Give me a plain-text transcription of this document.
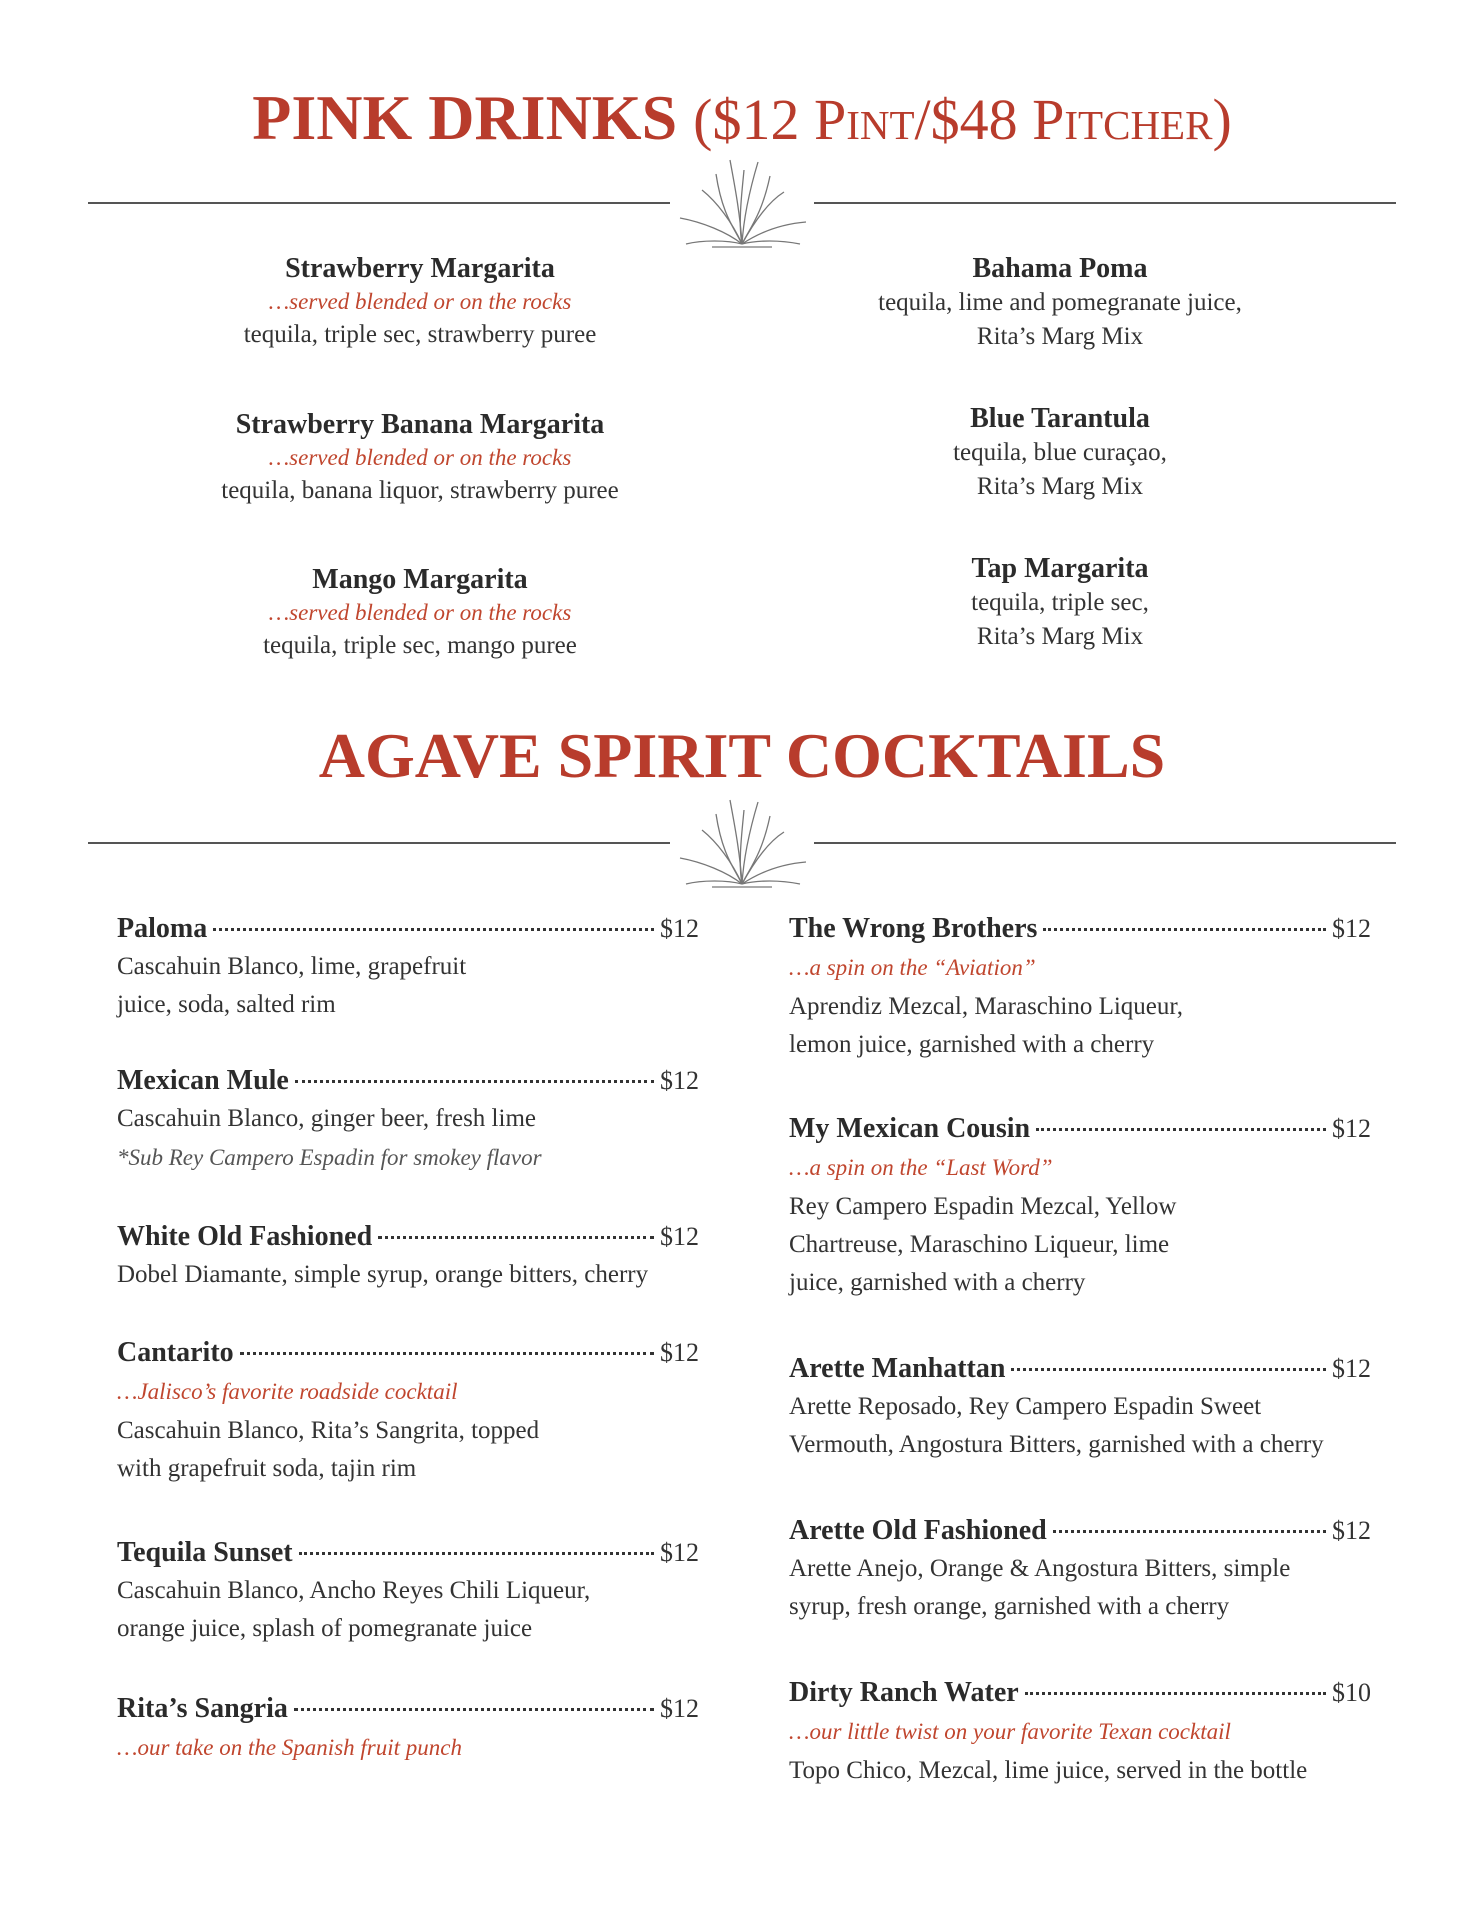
PINK DRINKS ($12 Pint/$48 Pitcher)
Strawberry Margarita
…served blended or on the rocks
tequila, triple sec, strawberry puree
Strawberry Banana Margarita
…served blended or on the rocks
tequila, banana liquor, strawberry puree
Mango Margarita
…served blended or on the rocks
tequila, triple sec, mango puree
Bahama Poma
tequila, lime and pomegranate juice,
Rita’s Marg Mix
Blue Tarantula
tequila, blue curaçao,
Rita’s Marg Mix
Tap Margarita
tequila, triple sec,
Rita’s Marg Mix
AGAVE SPIRIT COCKTAILS
Paloma	$12
Cascahuin Blanco, lime, grapefruit
juice, soda, salted rim
Mexican Mule	$12
Cascahuin Blanco, ginger beer, fresh lime
*Sub Rey Campero Espadin for smokey flavor
White Old Fashioned	$12
Dobel Diamante, simple syrup, orange bitters, cherry
Cantarito	$12
…Jalisco’s favorite roadside cocktail
Cascahuin Blanco, Rita’s Sangrita, topped
with grapefruit soda, tajin rim
Tequila Sunset	$12
Cascahuin Blanco, Ancho Reyes Chili Liqueur,
orange juice, splash of pomegranate juice
Rita’s Sangria	$12
…our take on the Spanish fruit punch
The Wrong Brothers	$12
…a spin on the “Aviation”
Aprendiz Mezcal, Maraschino Liqueur,
lemon juice, garnished with a cherry
My Mexican Cousin	$12
…a spin on the “Last Word”
Rey Campero Espadin Mezcal, Yellow
Chartreuse, Maraschino Liqueur, lime
juice, garnished with a cherry
Arette Manhattan	$12
Arette Reposado, Rey Campero Espadin Sweet
Vermouth, Angostura Bitters, garnished with a cherry
Arette Old Fashioned	$12
Arette Anejo, Orange & Angostura Bitters, simple
syrup, fresh orange, garnished with a cherry
Dirty Ranch Water	$10
…our little twist on your favorite Texan cocktail
Topo Chico, Mezcal, lime juice, served in the bottle
